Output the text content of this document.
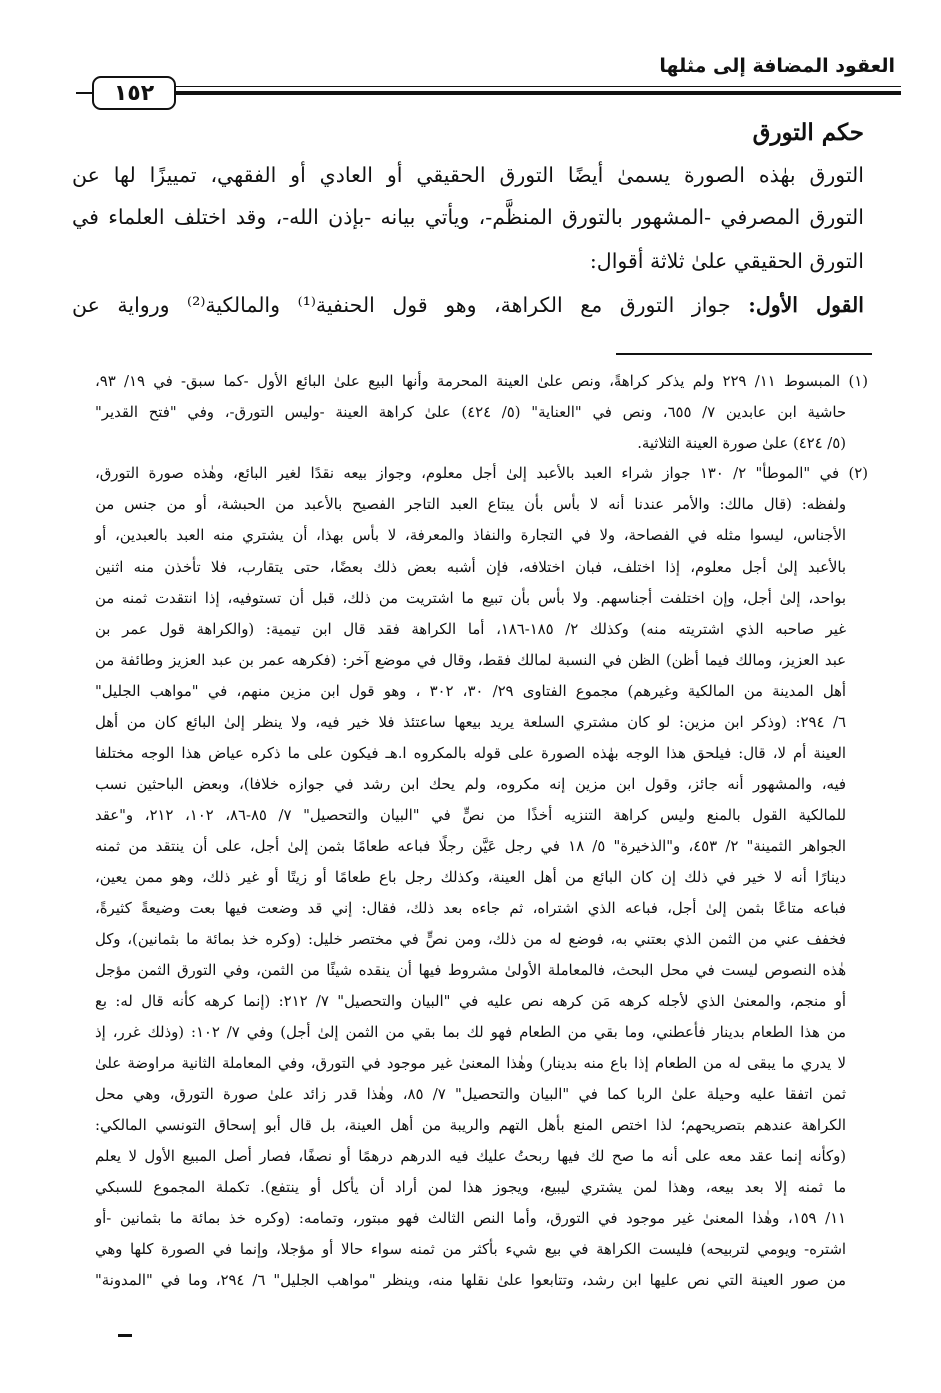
العقود المضافة إلى مثلها
١٥٢
حكم التورق
التورق بهٰذه الصورة يسمىٰ أيضًا التورق الحقيقي أو العادي أو الفقهي، تمييزًا لها عن
التورق المصرفي -المشهور بالتورق المنظَّم-، ويأتي بيانه -بإذن الله-، وقد اختلف العلماء في
التورق الحقيقي علىٰ ثلاثة أقوال:
القول الأول: جواز التورق مع الكراهة، وهو قول الحنفية⁽¹⁾ والمالكية⁽²⁾ ورواية عن
(١) المبسوط ١١/ ٢٢٩ ولم يذكر كراهةً، ونص علىٰ العينة المحرمة وأنها البيع علىٰ البائع الأول -كما سبق- في ١٩/ ٩٣،
حاشية ابن عابدين ٧/ ٦٥٥، ونص في "العناية" (٥/ ٤٢٤) علىٰ كراهة العينة -وليس التورق-، وفي "فتح القدير"
(٥/ ٤٢٤) علىٰ صورة العينة الثلاثية.
(٢) في "الموطأ" ٢/ ١٣٠ جواز شراء العبد بالأعبد إلىٰ أجل معلوم، وجواز بيعه نقدًا لغير البائع، وهٰذه صورة التورق،
ولفظه: (قال مالك: والأمر عندنا أنه لا بأس بأن يبتاع العبد التاجر الفصيح بالأعبد من الحبشة، أو من جنس من
الأجناس، ليسوا مثله في الفصاحة، ولا في التجارة والنفاذ والمعرفة، لا بأس بهذا، أن يشتري منه العبد بالعبدين، أو
بالأعبد إلىٰ أجل معلوم، إذا اختلف، فبان اختلافه، فإن أشبه بعض ذلك بعضًا، حتى يتقارب، فلا تأخذن منه اثنين
بواحد، إلىٰ أجل، وإن اختلفت أجناسهم. ولا بأس بأن تبيع ما اشتريت من ذلك، قبل أن تستوفيه، إذا انتقدت ثمنه من
غير صاحبه الذي اشتريته منه) وكذلك ٢/ ١٨٥-١٨٦، أما الكراهة فقد قال ابن تيمية: (والكراهة قول عمر بن
عبد العزيز، ومالك فيما أظن) الظن في النسبة لمالك فقط، وقال في موضع آخر: (فكرهه عمر بن عبد العزيز وطائفة من
أهل المدينة من المالكية وغيرهم) مجموع الفتاوى ٢٩/ ٣٠، ٣٠٢ ، وهو قول ابن مزين منهم، في "مواهب الجليل"
٦/ ٢٩٤: (وذكر ابن مزين: لو كان مشتري السلعة يريد بيعها ساعتئذ فلا خير فيه، ولا ينظر إلىٰ البائع كان من أهل
العينة أم لا، قال: فيلحق هذا الوجه بهٰذه الصورة على قوله بالمكروه ا.هـ فيكون على ما ذكره عياض هذا الوجه مختلفا
فيه، والمشهور أنه جائز، وقول ابن مزين إنه مكروه، ولم يحك ابن رشد في جوازه خلافا)، وبعض الباحثين نسب
للمالكية القول بالمنع وليس كراهة التنزيه أخذًا من نصٍّ في "البيان والتحصيل" ٧/ ٨٥-٨٦، ١٠٢، ٢١٢، و"عقد
الجواهر الثمينة" ٢/ ٤٥٣، و"الذخيرة" ٥/ ١٨ في رجل عَيَّن رجلًا فباعه طعامًا بثمن إلىٰ أجل، على أن ينتقد من ثمنه
دينارًا أنه لا خير في ذلك إن كان البائع من أهل العينة، وكذلك رجل باع طعامًا أو زيتًا أو غير ذلك، وهو ممن يعين،
فباعه متاعًا بثمن إلىٰ أجل، فباعه الذي اشتراه، ثم جاءه بعد ذلك، فقال: إني قد وضعت فيها بعت وضيعةً كثيرةً،
فخفف عني من الثمن الذي بعتني به، فوضع له من ذلك، ومن نصٍّ في مختصر خليل: (وكره خذ بمائة ما بثمانين)، وكل
هٰذه النصوص ليست في محل البحث، فالمعاملة الأولىٰ مشروط فيها أن ينقده شيئًا من الثمن، وفي التورق الثمن مؤجل
أو منجم، والمعنىٰ الذي لأجله كرهه مَن كرهه نص عليه في "البيان والتحصيل" ٧/ ٢١٢: (إنما كرهه كأنه قال له: بع
من هذا الطعام بدينار فأعطني، وما بقي من الطعام فهو لك بما بقي من الثمن إلىٰ أجل) وفي ٧/ ١٠٢: (وذلك غرر، إذ
لا يدري ما يبقى له من الطعام إذا باع منه بدينار) وهٰذا المعنىٰ غير موجود في التورق، وفي المعاملة الثانية مراوضة علىٰ
ثمن اتفقا عليه وحيلة علىٰ الربا كما في "البيان والتحصيل" ٧/ ٨٥، وهٰذا قدر زائد علىٰ صورة التورق، وهي محل
الكراهة عندهم بتصريحهم؛ لذا اختص المنع بأهل التهم والريبة من أهل العينة، بل قال أبو إسحاق التونسي المالكي:
(وكأنه إنما عقد معه على أنه ما صح لك فيها ربحتُ عليك فيه الدرهم درهمًا أو نصفًا، فصار أصل المبيع الأول لا يعلم
ما ثمنه إلا بعد بيعه، وهذا لمن يشتري ليبيع، ويجوز هذا لمن أراد أن يأكل أو ينتفع). تكملة المجموع للسبكي
١١/ ١٥٩، وهٰذا المعنىٰ غير موجود في التورق، وأما النص الثالث فهو مبتور، وتمامه: (وكره خذ بمائة ما بثمانين -أو
اشتره- ويومي لتربيحه) فليست الكراهة في بيع شيء بأكثر من ثمنه سواء حالا أو مؤجلا، وإنما في الصورة كلها وهي
من صور العينة التي نص عليها ابن رشد، وتتابعوا علىٰ نقلها منه، وينظر "مواهب الجليل" ٦/ ٢٩٤، وما في "المدونة"
